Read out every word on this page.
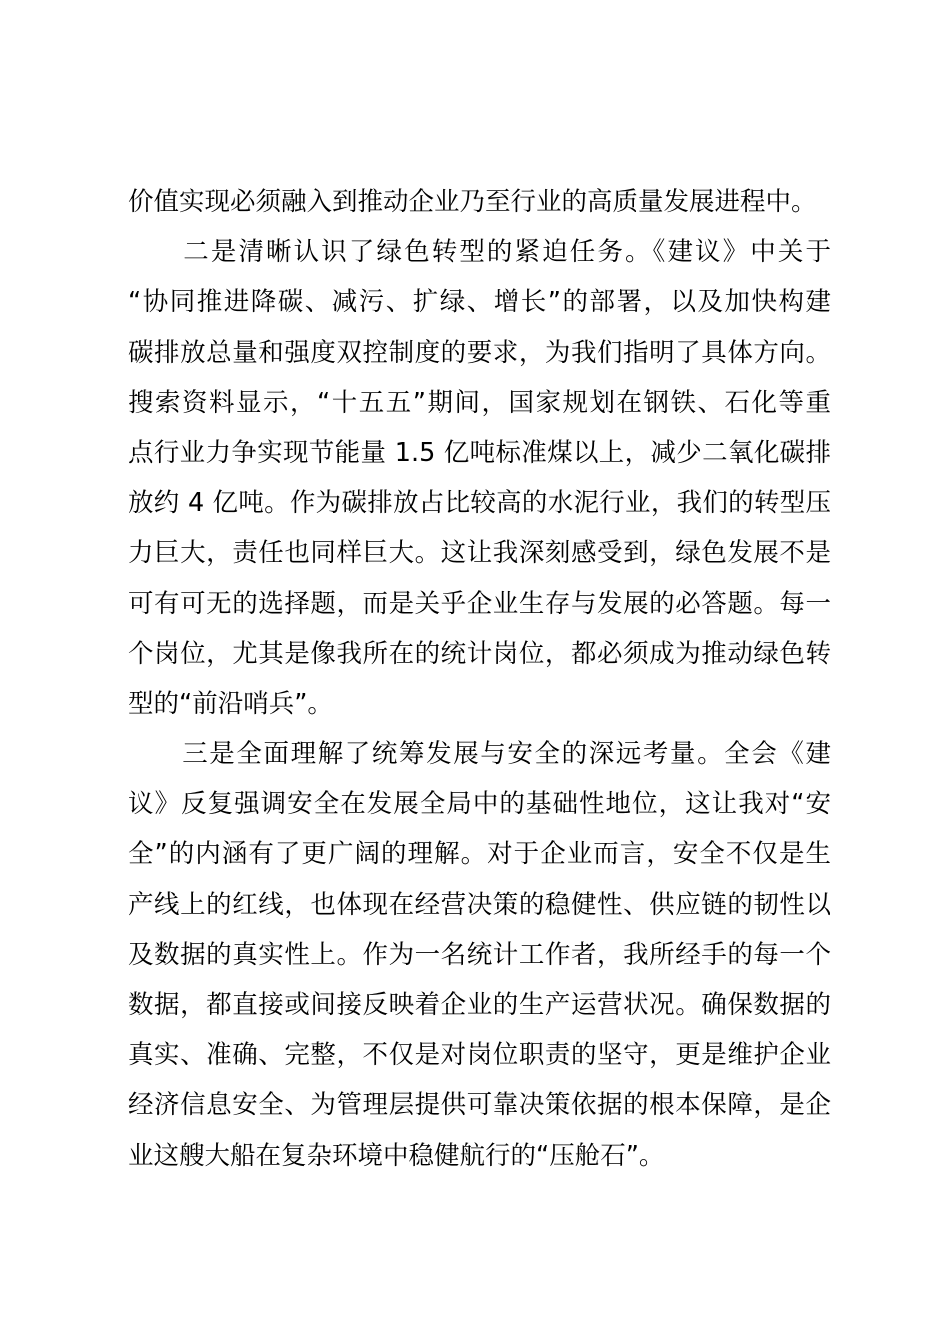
价值实现必须融入到推动企业乃至行业的高质量发展进程中。
　　二是清晰认识了绿色转型的紧迫任务。《建议》中关于
“协同推进降碳、减污、扩绿、增长”的部署，以及加快构建
碳排放总量和强度双控制度的要求，为我们指明了具体方向。
搜索资料显示，“十五五”期间，国家规划在钢铁、石化等重
点行业力争实现节能量 1.5 亿吨标准煤以上，减少二氧化碳排
放约 4 亿吨。作为碳排放占比较高的水泥行业，我们的转型压
力巨大，责任也同样巨大。这让我深刻感受到，绿色发展不是
可有可无的选择题，而是关乎企业生存与发展的必答题。每一
个岗位，尤其是像我所在的统计岗位，都必须成为推动绿色转
型的“前沿哨兵”。
　　三是全面理解了统筹发展与安全的深远考量。全会《建
议》反复强调安全在发展全局中的基础性地位，这让我对“安
全”的内涵有了更广阔的理解。对于企业而言，安全不仅是生
产线上的红线，也体现在经营决策的稳健性、供应链的韧性以
及数据的真实性上。作为一名统计工作者，我所经手的每一个
数据，都直接或间接反映着企业的生产运营状况。确保数据的
真实、准确、完整，不仅是对岗位职责的坚守，更是维护企业
经济信息安全、为管理层提供可靠决策依据的根本保障，是企
业这艘大船在复杂环境中稳健航行的“压舱石”。
